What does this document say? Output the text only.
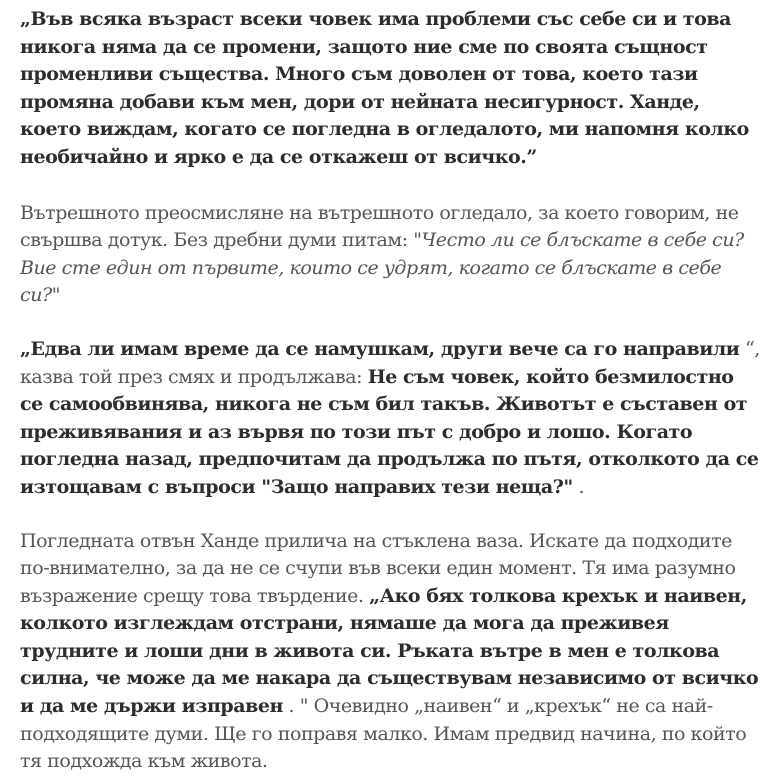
„Във всяка възраст всеки човек има проблеми със себе си и това никога няма да се промени, защото ние сме по своята същност променливи същества. Много съм доволен от това, което тази промяна добави към мен, дори от нейната несигурност. Ханде, което виждам, когато се погледна в огледалото, ми напомня колко необичайно и ярко е да се откажеш от всичко.”

Вътрешното преосмисляне на вътрешното огледало, за което говорим, не свършва дотук. Без дребни думи питам: "Често ли се блъскате в себе си? Вие сте един от първите, които се удрят, когато се блъскате в себе си?"

„Едва ли имам време да се намушкам, други вече са го направили “, казва той през смях и продължава: Не съм човек, който безмилостно се самообвинява, никога не съм бил такъв. Животът е съставен от преживявания и аз вървя по този път с добро и лошо. Когато погледна назад, предпочитам да продължа по пътя, отколкото да се изтощавам с въпроси "Защо направих тези неща?" .

Погледната отвън Ханде прилича на стъклена ваза. Искате да подходите по-внимателно, за да не се счупи във всеки един момент. Тя има разумно възражение срещу това твърдение. „Ако бях толкова крехък и наивен, колкото изглеждам отстрани, нямаше да мога да преживея трудните и лоши дни в живота си. Ръката вътре в мен е толкова силна, че може да ме накара да съществувам независимо от всичко и да ме държи изправен . " Очевидно „наивен“ и „крехък“ не са най-подходящите думи. Ще го поправя малко. Имам предвид начина, по който тя подхожда към живота.
